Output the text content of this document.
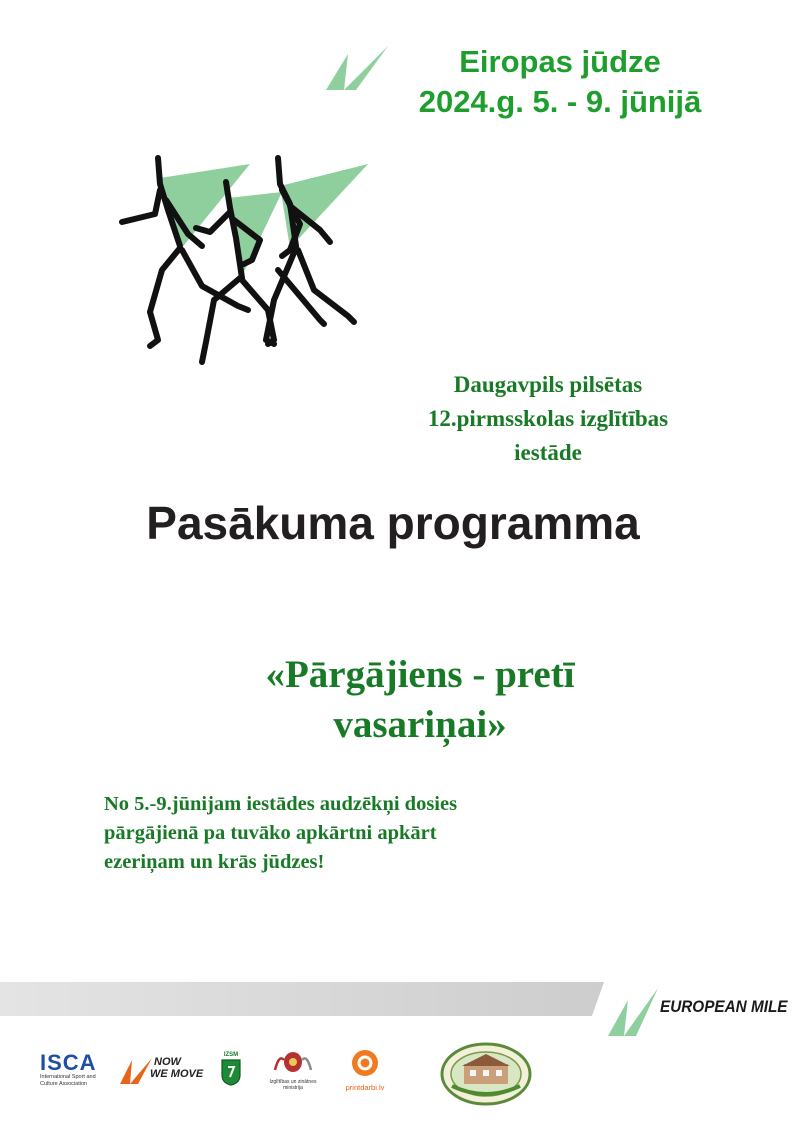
Eiropas jūdze
2024.g. 5. - 9. jūnijā
Daugavpils pilsētas
12.pirmsskolas izglītības
iestāde
Pasākuma programma
«Pārgājiens - pretī
vasariņai»
No 5.-9.jūnijam iestādes audzēkņi dosies
pārgājienā pa tuvāko apkārtni apkārt
ezeriņam un krās jūdzes!
EUROPEAN MILE
ISCA
International Sport and
Culture Association
NOW
WE MOVE
IZSM
Izglītības un zinātnes
ministrija	printdarbi.lv
